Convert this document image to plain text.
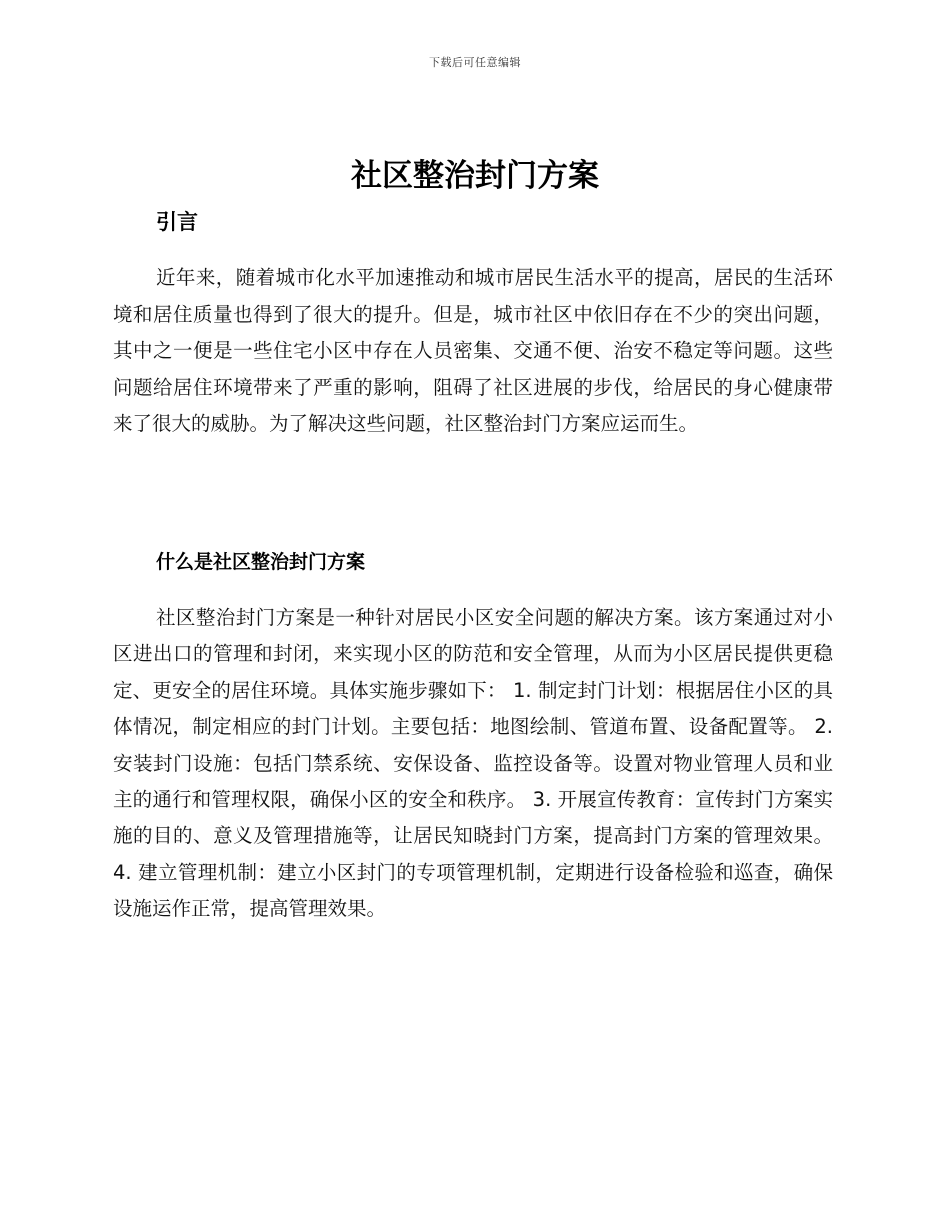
下载后可任意编辑
社区整治封门方案
引言

近年来，随着城市化水平加速推动和城市居民生活水平的提高，居民的生活环境和居住质量也得到了很大的提升。但是，城市社区中依旧存在不少的突出问题，其中之一便是一些住宅小区中存在人员密集、交通不便、治安不稳定等问题。这些问题给居住环境带来了严重的影响，阻碍了社区进展的步伐，给居民的身心健康带来了很大的威胁。为了解决这些问题，社区整治封门方案应运而生。

什么是社区整治封门方案

社区整治封门方案是一种针对居民小区安全问题的解决方案。该方案通过对小区进出口的管理和封闭，来实现小区的防范和安全管理，从而为小区居民提供更稳定、更安全的居住环境。具体实施步骤如下： 1. 制定封门计划：根据居住小区的具体情况，制定相应的封门计划。主要包括：地图绘制、管道布置、设备配置等。 2. 安装封门设施：包括门禁系统、安保设备、监控设备等。设置对物业管理人员和业主的通行和管理权限，确保小区的安全和秩序。 3. 开展宣传教育：宣传封门方案实施的目的、意义及管理措施等，让居民知晓封门方案，提高封门方案的管理效果。 4. 建立管理机制：建立小区封门的专项管理机制，定期进行设备检验和巡查，确保设施运作正常，提高管理效果。
